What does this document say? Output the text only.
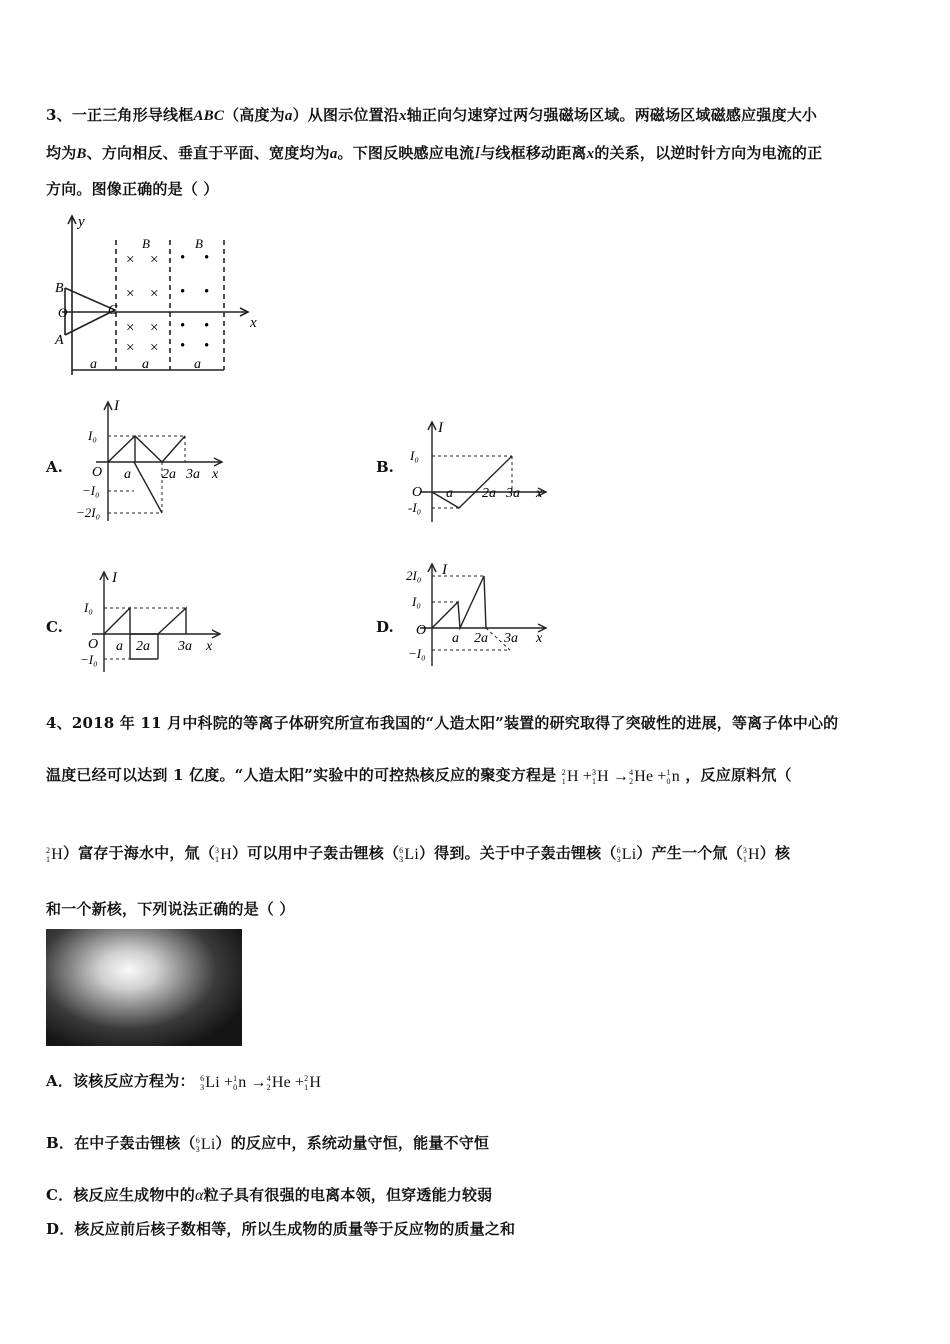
3、一正三角形导线框ABC（高度为a）从图示位置沿x轴正向匀速穿过两匀强磁场区域。两磁场区域磁感应强度大小
均为B、方向相反、垂直于平面、宽度均为a。下图反映感应电流I与线框移动距离x的关系，以逆时针方向为电流的正
方向。图像正确的是（ ）
y
x
B
C
O
A
B	B
× ×
× ×
× ×
× ×
• •
• •
• •
• •
a	a	a
A.
I
I₀
O a 2a 3a x
−I₀
−2I₀
B.
I
I₀
O a 2a 3a x
-I₀
C.
I
I₀
O a 2a 3a x
−I₀
D.
I
2I₀
I₀
O
a 2a 3a x
−I₀
4、2018 年 11 月中科院的等离子体研究所宣布我国的“人造太阳”装置的研究取得了突破性的进展，等离子体中心的
温度已经可以达到 1 亿度。“人造太阳”实验中的可控热核反应的聚变方程是 2
1 H + 3
1 H → 4
2 He + 1
0 n ，反应原料氘（
2
1 H）富存于海水中，氚（ 3
1 H）可以用中子轰击锂核（ 6
3 Li）得到。关于中子轰击锂核（ 6
3 Li）产生一个氚（ 3
1 H）核
和一个新核，下列说法正确的是（ ）
A．该核反应方程为： 6
3 Li + 1
0 n → 4
2 He + 2
1 H
B．在中子轰击锂核（ 6
3 Li）的反应中，系统动量守恒，能量不守恒
C．核反应生成物中的α粒子具有很强的电离本领，但穿透能力较弱
D．核反应前后核子数相等，所以生成物的质量等于反应物的质量之和
